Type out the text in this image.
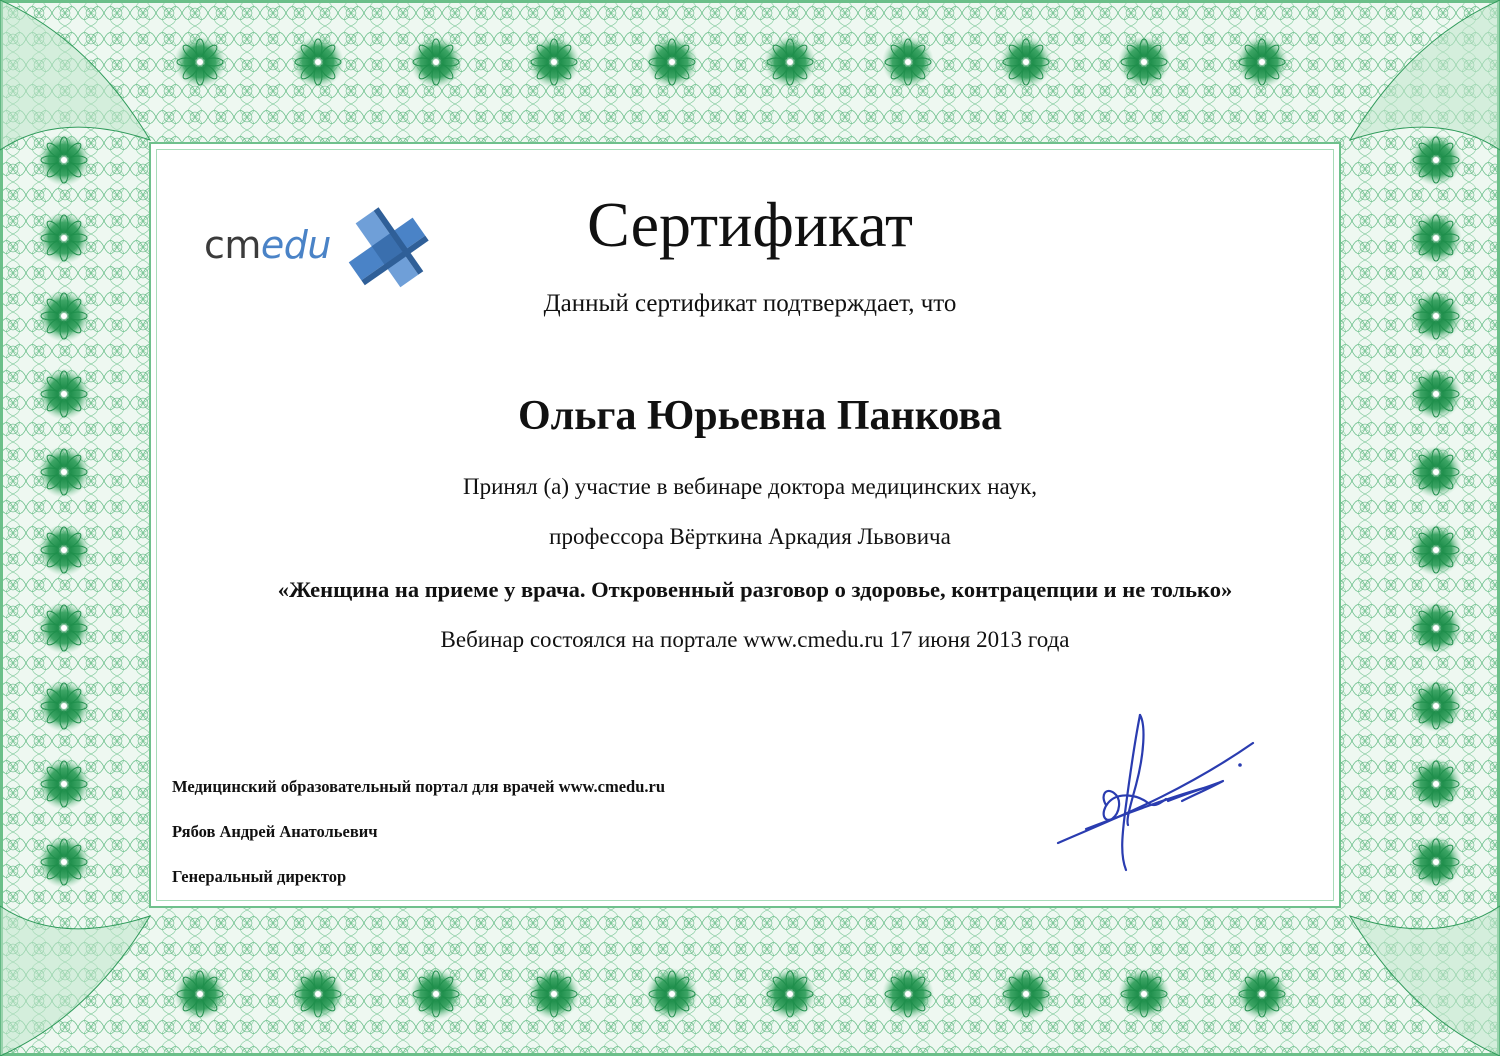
cmedu	Сертификат
Данный сертификат подтверждает, что
Ольга Юрьевна Панкова
Принял (а) участие в вебинаре доктора медицинских наук,
профессора Вёрткина Аркадия Львовича
«Женщина на приеме у врача. Откровенный разговор о здоровье, контрацепции и не только»
Вебинар состоялся на портале www.cmedu.ru 17 июня 2013 года
Медицинский образовательный портал для врачей www.cmedu.ru
Рябов Андрей Анатольевич
Генеральный директор
